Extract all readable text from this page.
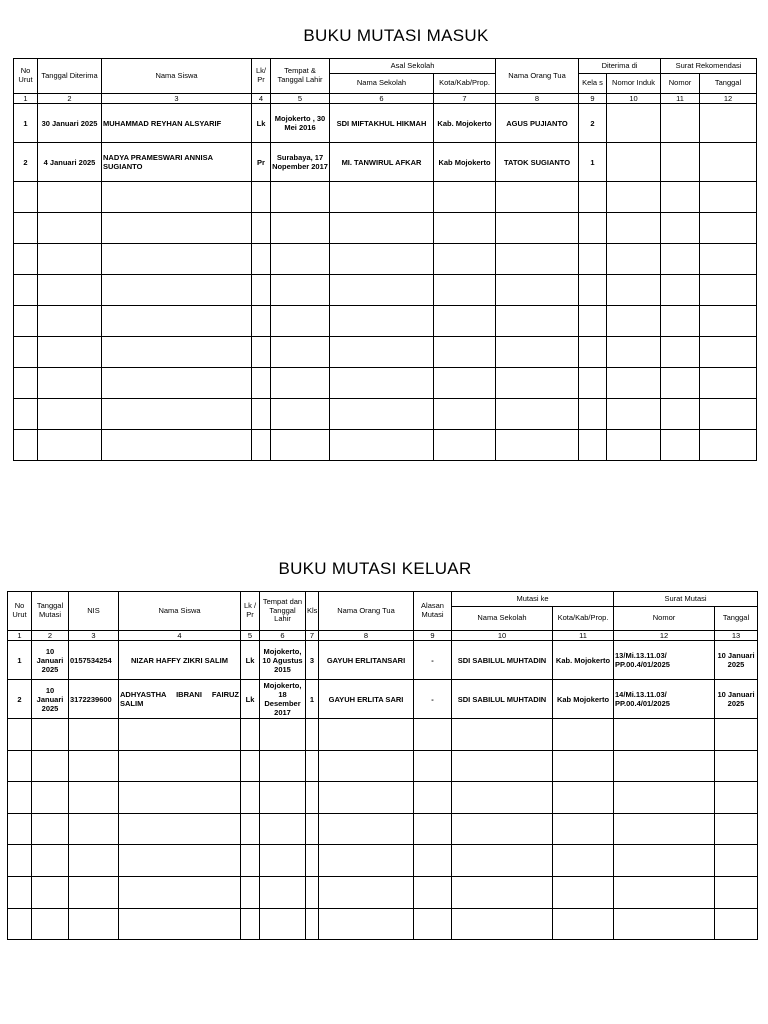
BUKU MUTASI MASUK
No Urut	Tanggal Diterima	Nama Siswa	Lk/ Pr	Tempat & Tanggal Lahir	Asal Sekolah		Nama Orang Tua	Diterima di		Surat Rekomendasi	
					Nama Sekolah	Kota/Kab/Prop.		Kela s	Nomor Induk	Nomor	Tanggal
1	2	3	4	5	6	7	8	9	10	11	12
1	30 Januari 2025	MUHAMMAD REYHAN ALSYARIF	Lk	Mojokerto , 30 Mei 2016	SDI MIFTAKHUL HIKMAH	Kab. Mojokerto	AGUS PUJIANTO	2			
2	4 Januari 2025	NADYA PRAMESWARI ANNISA SUGIANTO	Pr	Surabaya, 17 Nopember 2017	MI. TANWIRUL AFKAR	Kab Mojokerto	TATOK SUGIANTO	1			

BUKU MUTASI KELUAR
No Urut	Tanggal Mutasi	NIS	Nama Siswa	Lk / Pr	Tempat dan Tanggal Lahir	Kls	Nama Orang Tua	Alasan Mutasi	Mutasi ke		Surat Mutasi	
									Nama Sekolah	Kota/Kab/Prop.	Nomor	Tanggal
1	2	3	4	5	6	7	8	9	10	11	12	13
1	10 Januari 2025	0157534254	NIZAR HAFFY ZIKRI SALIM	Lk	Mojokerto, 10 Agustus 2015	3	GAYUH ERLITANSARI	-	SDI SABILUL MUHTADIN	Kab. Mojokerto	13/Mi.13.11.03/ PP.00.4/01/2025	10 Januari 2025
2	10 Januari 2025	3172239600	ADHYASTHA IBRANI FAIRUZ SALIM	Lk	Mojokerto, 18 Desember 2017	1	GAYUH ERLITA SARI	-	SDI SABILUL MUHTADIN	Kab Mojokerto	14/Mi.13.11.03/ PP.00.4/01/2025	10 Januari 2025
